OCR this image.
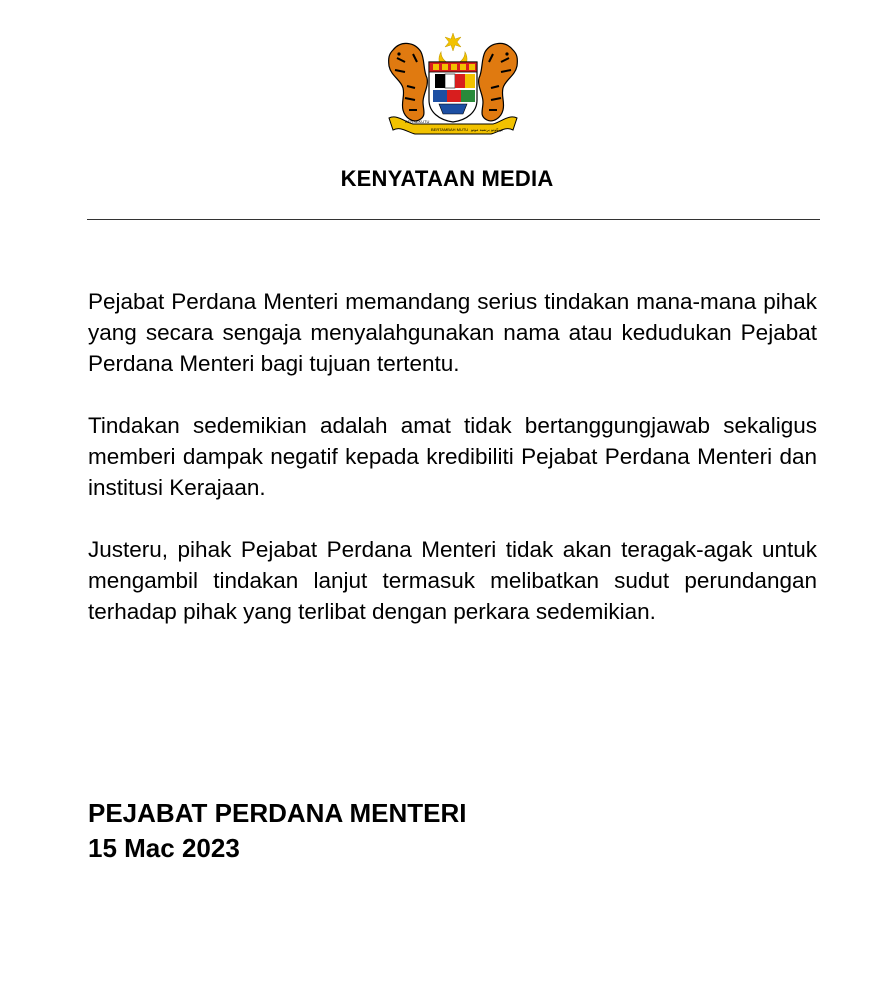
BERSEKUTU
BERTAMBAH MUTU بريکوتو برتمبه موتو
KENYATAAN MEDIA

Pejabat Perdana Menteri memandang serius tindakan mana-mana pihak yang secara sengaja menyalahgunakan nama atau kedudukan Pejabat Perdana Menteri bagi tujuan tertentu.

Tindakan sedemikian adalah amat tidak bertanggungjawab sekaligus memberi dampak negatif kepada kredibiliti Pejabat Perdana Menteri dan institusi Kerajaan.

Justeru, pihak Pejabat Perdana Menteri tidak akan teragak-agak untuk mengambil tindakan lanjut termasuk melibatkan sudut perundangan terhadap pihak yang terlibat dengan perkara sedemikian.

PEJABAT PERDANA MENTERI
15 Mac 2023
